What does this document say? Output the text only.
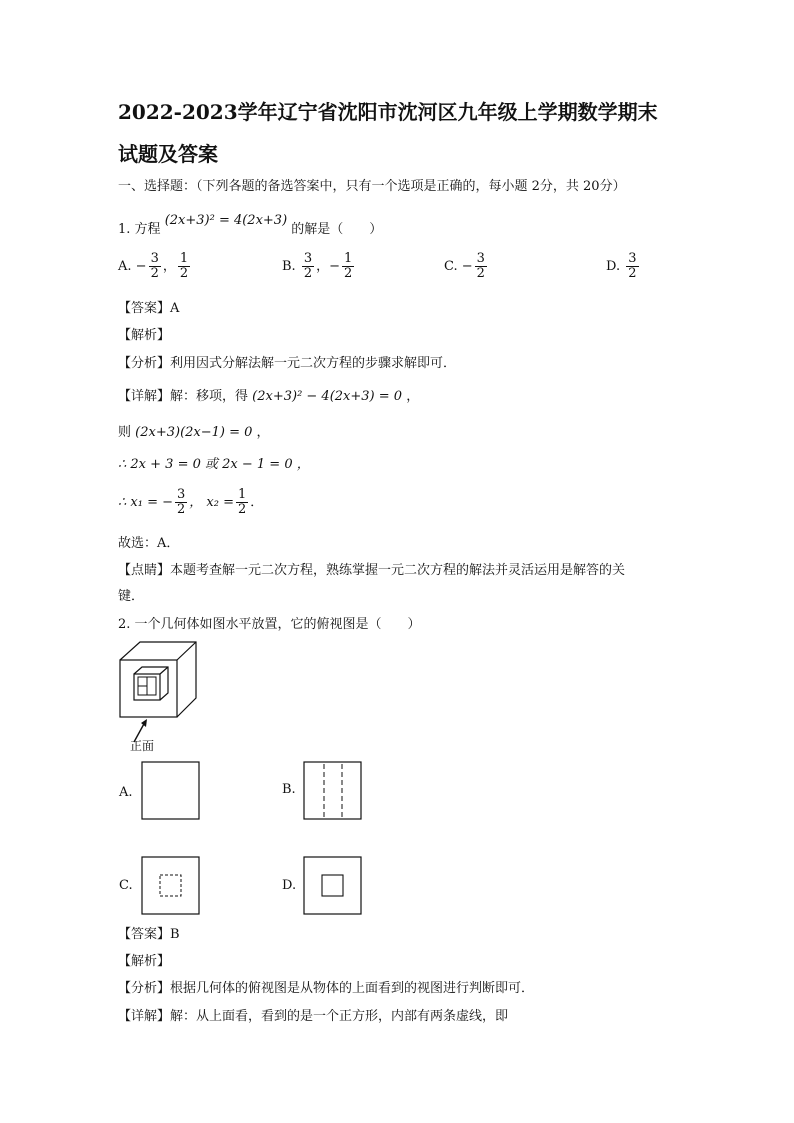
2022-2023学年辽宁省沈阳市沈河区九年级上学期数学期末
试题及答案
一、选择题：（下列各题的备选答案中，只有一个选项是正确的，每小题 2分，共 20分）
1. 方程 (2x+3)² = 4(2x+3) 的解是（　　）
A. − $\frac{3}{2}$ ， $\frac{1}{2}$	B. $\frac{3}{2}$ ，− $\frac{1}{2}$	C. − $\frac{3}{2}$	D. $\frac{3}{2}$
【答案】A
【解析】
【分析】利用因式分解法解一元二次方程的步骤求解即可．
【详解】解：移项，得 (2x+3)² − 4(2x+3) = 0 ，
则 (2x+3)(2x−1) = 0 ，
∴ 2x + 3 = 0 或 2x − 1 = 0 ，
∴ x₁ = − $\frac{3}{2}$ ， $x_2 = \frac{1}{2}$ ．
故选：A．
【点睛】本题考查解一元二次方程，熟练掌握一元二次方程的解法并灵活运用是解答的关
键．
2. 一个几何体如图水平放置，它的俯视图是（　　）
正面
A.	B.
C.	D.
【答案】B
【解析】
【分析】根据几何体的俯视图是从物体的上面看到的视图进行判断即可．
【详解】解：从上面看，看到的是一个正方形，内部有两条虚线，即
